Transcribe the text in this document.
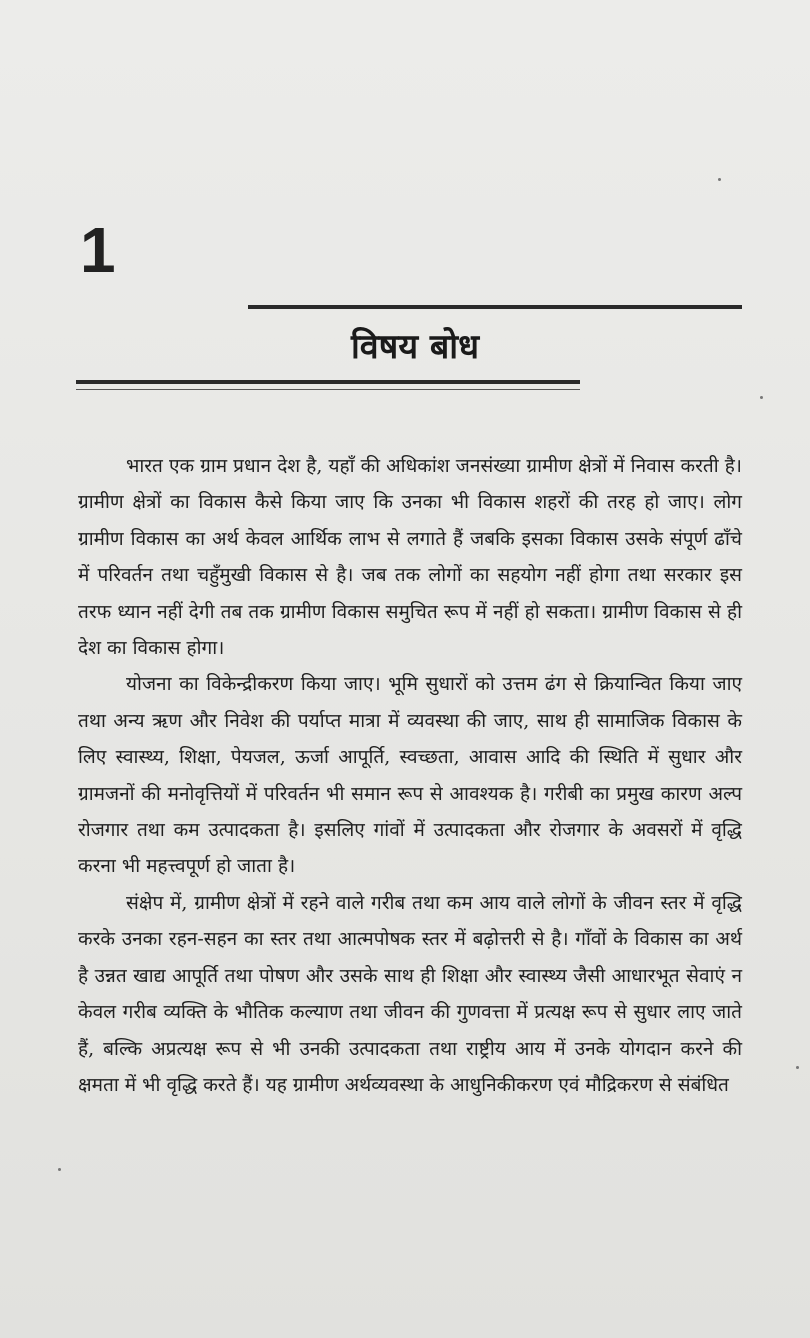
1
विषय बोध

भारत एक ग्राम प्रधान देश है, यहाँ की अधिकांश जनसंख्या ग्रामीण क्षेत्रों में निवास करती है। ग्रामीण क्षेत्रों का विकास कैसे किया जाए कि उनका भी विकास शहरों की तरह हो जाए। लोग ग्रामीण विकास का अर्थ केवल आर्थिक लाभ से लगाते हैं जबकि इसका विकास उसके संपूर्ण ढाँचे में परिवर्तन तथा चहुँमुखी विकास से है। जब तक लोगों का सहयोग नहीं होगा तथा सरकार इस तरफ ध्यान नहीं देगी तब तक ग्रामीण विकास समुचित रूप में नहीं हो सकता। ग्रामीण विकास से ही देश का विकास होगा।

योजना का विकेन्द्रीकरण किया जाए। भूमि सुधारों को उत्तम ढंग से क्रियान्वित किया जाए तथा अन्य ऋण और निवेश की पर्याप्त मात्रा में व्यवस्था की जाए, साथ ही सामाजिक विकास के लिए स्वास्थ्य, शिक्षा, पेयजल, ऊर्जा आपूर्ति, स्वच्छता, आवास आदि की स्थिति में सुधार और ग्रामजनों की मनोवृत्तियों में परिवर्तन भी समान रूप से आवश्यक है। गरीबी का प्रमुख कारण अल्प रोजगार तथा कम उत्पादकता है। इसलिए गांवों में उत्पादकता और रोजगार के अवसरों में वृद्धि करना भी महत्त्वपूर्ण हो जाता है।

संक्षेप में, ग्रामीण क्षेत्रों में रहने वाले गरीब तथा कम आय वाले लोगों के जीवन स्तर में वृद्धि करके उनका रहन-सहन का स्तर तथा आत्मपोषक स्तर में बढ़ोत्तरी से है। गाँवों के विकास का अर्थ है उन्नत खाद्य आपूर्ति तथा पोषण और उसके साथ ही शिक्षा और स्वास्थ्य जैसी आधारभूत सेवाएं न केवल गरीब व्यक्ति के भौतिक कल्याण तथा जीवन की गुणवत्ता में प्रत्यक्ष रूप से सुधार लाए जाते हैं, बल्कि अप्रत्यक्ष रूप से भी उनकी उत्पादकता तथा राष्ट्रीय आय में उनके योगदान करने की क्षमता में भी वृद्धि करते हैं। यह ग्रामीण अर्थव्यवस्था के आधुनिकीकरण एवं मौद्रिकरण से संबंधित
